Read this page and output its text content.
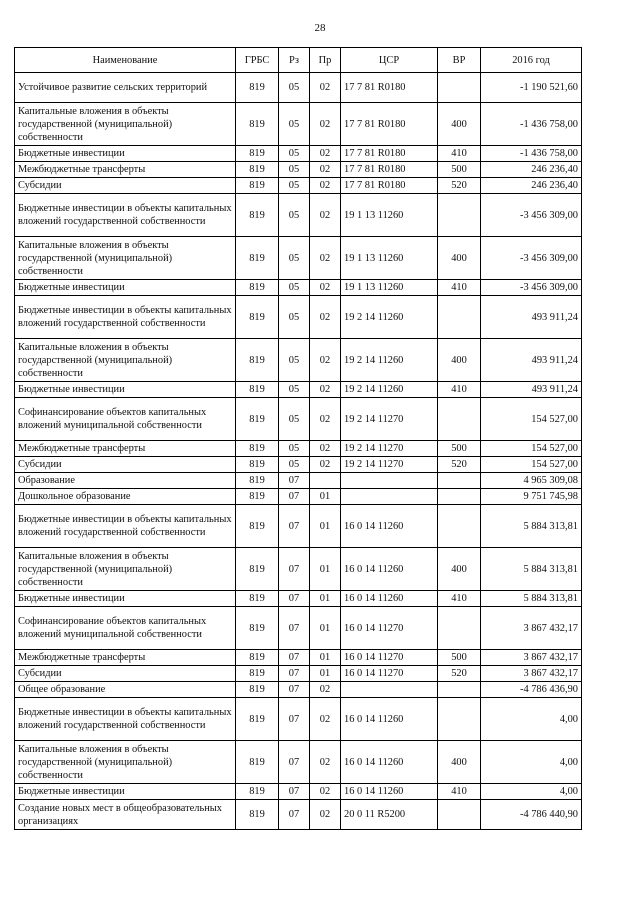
28
Наименование	ГРБС	Рз	Пр	ЦСР	ВР	2016 год
Устойчивое развитие сельских территорий	819	05	02	17 7 81 R0180		-1 190 521,60
Капитальные вложения в объекты государственной (муниципальной) собственности	819	05	02	17 7 81 R0180	400	-1 436 758,00
Бюджетные инвестиции	819	05	02	17 7 81 R0180	410	-1 436 758,00
Межбюджетные трансферты	819	05	02	17 7 81 R0180	500	246 236,40
Субсидии	819	05	02	17 7 81 R0180	520	246 236,40
Бюджетные инвестиции в объекты капитальных вложений государственной собственности	819	05	02	19 1 13 11260		-3 456 309,00
Капитальные вложения в объекты государственной (муниципальной) собственности	819	05	02	19 1 13 11260	400	-3 456 309,00
Бюджетные инвестиции	819	05	02	19 1 13 11260	410	-3 456 309,00
Бюджетные инвестиции в объекты капитальных вложений государственной собственности	819	05	02	19 2 14 11260		493 911,24
Капитальные вложения в объекты государственной (муниципальной) собственности	819	05	02	19 2 14 11260	400	493 911,24
Бюджетные инвестиции	819	05	02	19 2 14 11260	410	493 911,24
Софинансирование объектов капитальных вложений муниципальной собственности	819	05	02	19 2 14 11270		154 527,00
Межбюджетные трансферты	819	05	02	19 2 14 11270	500	154 527,00
Субсидии	819	05	02	19 2 14 11270	520	154 527,00
Образование	819	07				4 965 309,08
Дошкольное образование	819	07	01			9 751 745,98
Бюджетные инвестиции в объекты капитальных вложений государственной собственности	819	07	01	16 0 14 11260		5 884 313,81
Капитальные вложения в объекты государственной (муниципальной) собственности	819	07	01	16 0 14 11260	400	5 884 313,81
Бюджетные инвестиции	819	07	01	16 0 14 11260	410	5 884 313,81
Софинансирование объектов капитальных вложений муниципальной собственности	819	07	01	16 0 14 11270		3 867 432,17
Межбюджетные трансферты	819	07	01	16 0 14 11270	500	3 867 432,17
Субсидии	819	07	01	16 0 14 11270	520	3 867 432,17
Общее образование	819	07	02			-4 786 436,90
Бюджетные инвестиции в объекты капитальных вложений государственной собственности	819	07	02	16 0 14 11260		4,00
Капитальные вложения в объекты государственной (муниципальной) собственности	819	07	02	16 0 14 11260	400	4,00
Бюджетные инвестиции	819	07	02	16 0 14 11260	410	4,00
Создание новых мест в общеобразовательных организациях	819	07	02	20 0 11 R5200		-4 786 440,90
